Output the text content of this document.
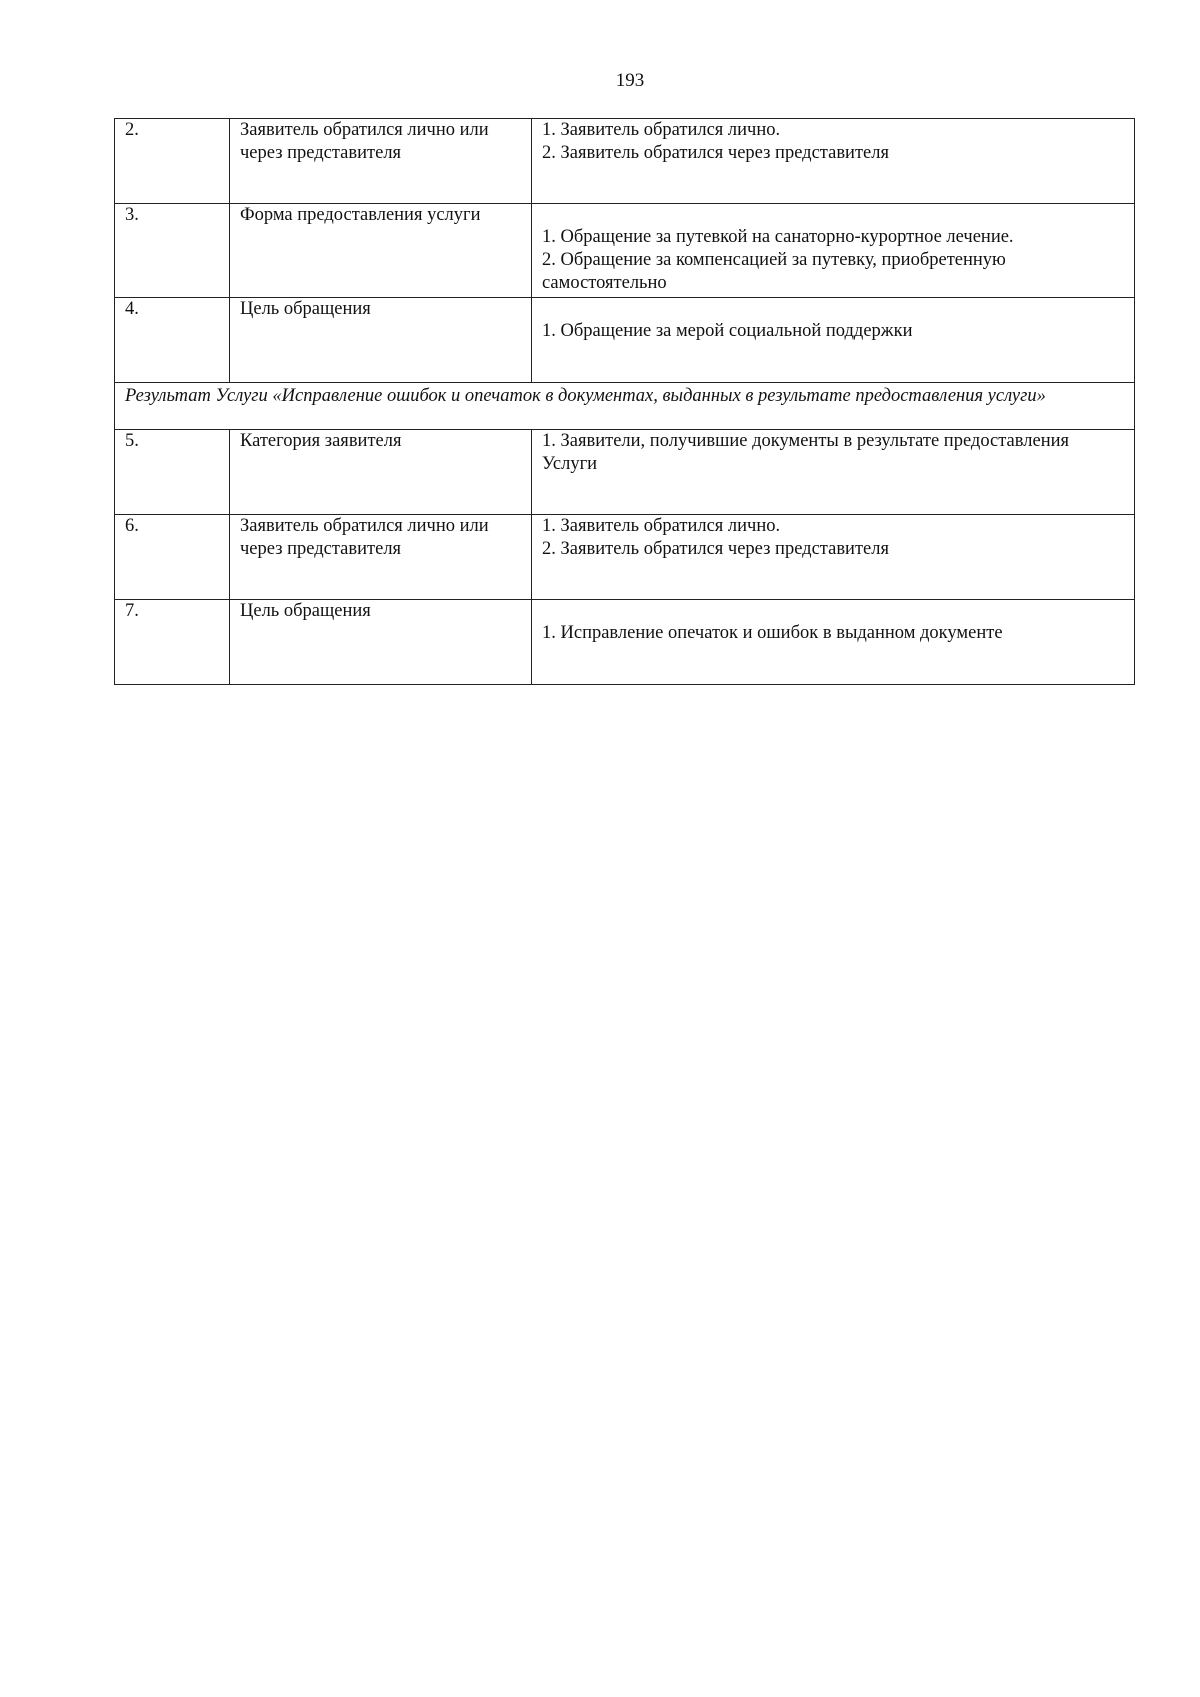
193
2.	Заявитель обратился лично или через представителя	1. Заявитель обратился лично.
2. Заявитель обратился через представителя

3.	Форма предоставления услуги	1. Обращение за путевкой на санаторно-курортное лечение.
2. Обращение за компенсацией за путевку, приобретенную самостоятельно

4.	Цель обращения	1. Обращение за мерой социальной поддержки

Результат Услуги «Исправление ошибок и опечаток в документах, выданных в результате предоставления услуги»		
5.	Категория заявителя	1. Заявители, получившие документы в результате предоставления Услуги

6.	Заявитель обратился лично или через представителя	1. Заявитель обратился лично.
2. Заявитель обратился через представителя

7.	Цель обращения	1. Исправление опечаток и ошибок в выданном документе
